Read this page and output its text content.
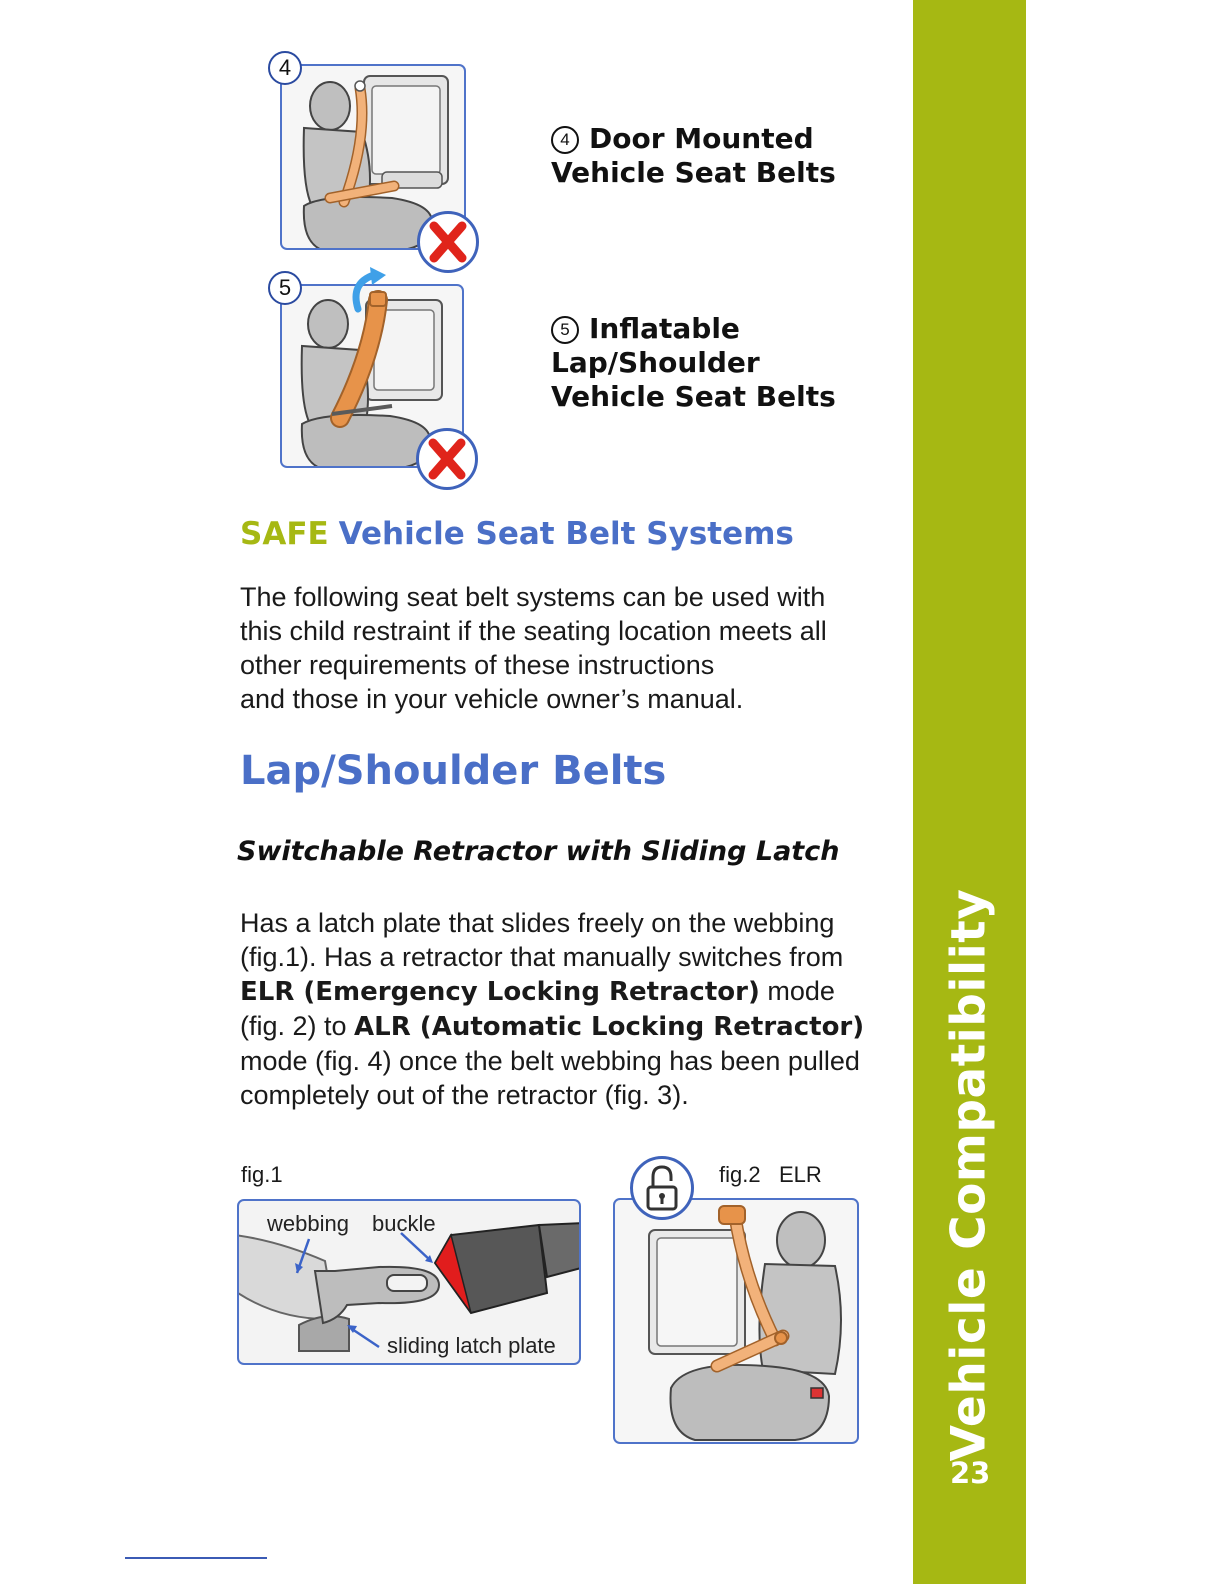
Vehicle Compatibility
23
4
4 Door Mounted
Vehicle Seat Belts
5
5 Inflatable
Lap/Shoulder
Vehicle Seat Belts
SAFE Vehicle Seat Belt Systems
The following seat belt systems can be used with
this child restraint if the seating location meets all
other requirements of these instructions
and those in your vehicle owner’s manual.
Lap/Shoulder Belts
Switchable Retractor with Sliding Latch
Has a latch plate that slides freely on the webbing (fig.1). Has a retractor that manually switches from ELR (Emergency Locking Retractor) mode (fig. 2) to ALR (Automatic Locking Retractor) mode (fig. 4) once the belt webbing has been pulled completely out of the retractor (fig. 3).
fig.1
webbing buckle
sliding latch plate
fig.2 ELR
